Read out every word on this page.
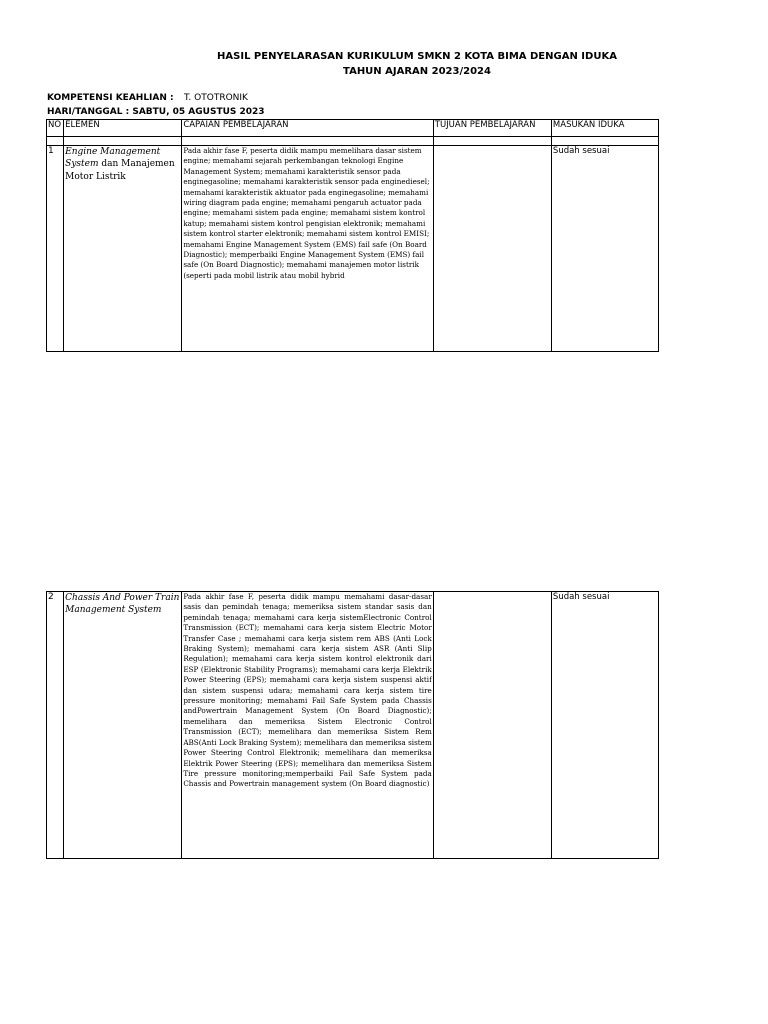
HASIL PENYELARASAN KURIKULUM SMKN 2 KOTA BIMA DENGAN IDUKA
TAHUN AJARAN 2023/2024
KOMPETENSI KEAHLIAN : T. OTOTRONIK
HARI/TANGGAL : SABTU, 05 AGUSTUS 2023
NO	ELEMEN	CAPAIAN PEMBELAJARAN	TUJUAN PEMBELAJARAN	MASUKAN IDUKA

1	Engine Management System dan Manajemen Motor Listrik	Pada akhir fase F, peserta didik mampu memelihara dasar sistem engine; memahami sejarah perkembangan teknologi Engine Management System; memahami karakteristik sensor pada enginegasoline; memahami karakteristik sensor pada enginediesel; memahami karakteristik aktuator pada enginegasoline; memahami wiring diagram pada engine; memahami pengaruh actuator pada engine; memahami sistem pada engine; memahami sistem kontrol katup; memahami sistem kontrol pengisian elektronik; memahami sistem kontrol starter elektronik; memahami sistem kontrol EMISI; memahami Engine Management System (EMS) fail safe (On Board Diagnostic); memperbaiki Engine Management System (EMS) fail safe (On Board Diagnostic); memahami manajemen motor listrik (seperti pada mobil listrik atau mobil hybrid		Sudah sesuai
2	Chassis And Power Train Management System	Pada akhir fase F, peserta didik mampu memahami dasar-dasar sasis dan pemindah tenaga; memeriksa sistem standar sasis dan pemindah tenaga; memahami cara kerja sistemElectronic Control Transmission (ECT); memahami cara kerja sistem Electric Motor Transfer Case ; memahami cara kerja sistem rem ABS (Anti Lock Braking System); memahami cara kerja sistem ASR (Anti Slip Regulation); memahami cara kerja sistem kontrol elektronik dari ESP (Elektronic Stability Programs); memahami cara kerja Elektrik Power Steering (EPS); memahami cara kerja sistem suspensi aktif dan sistem suspensi udara; memahami cara kerja sistem tire pressure monitoring; memahami Fail Safe System pada Chassis andPowertrain Management System (On Board Diagnostic); memelihara dan memeriksa Sistem Electronic Control Transmission (ECT); memelihara dan memeriksa Sistem Rem ABS(Anti Lock Braking System); memelihara dan memeriksa sistem Power Steering Control Elektronik; memelihara dan memeriksa Elektrik Power Steering (EPS); memelihara dan memeriksa Sistem Tire pressure monitoring;memperbaiki Fail Safe System pada Chassis and Powertrain management system (On Board diagnostic)		Sudah sesuai
